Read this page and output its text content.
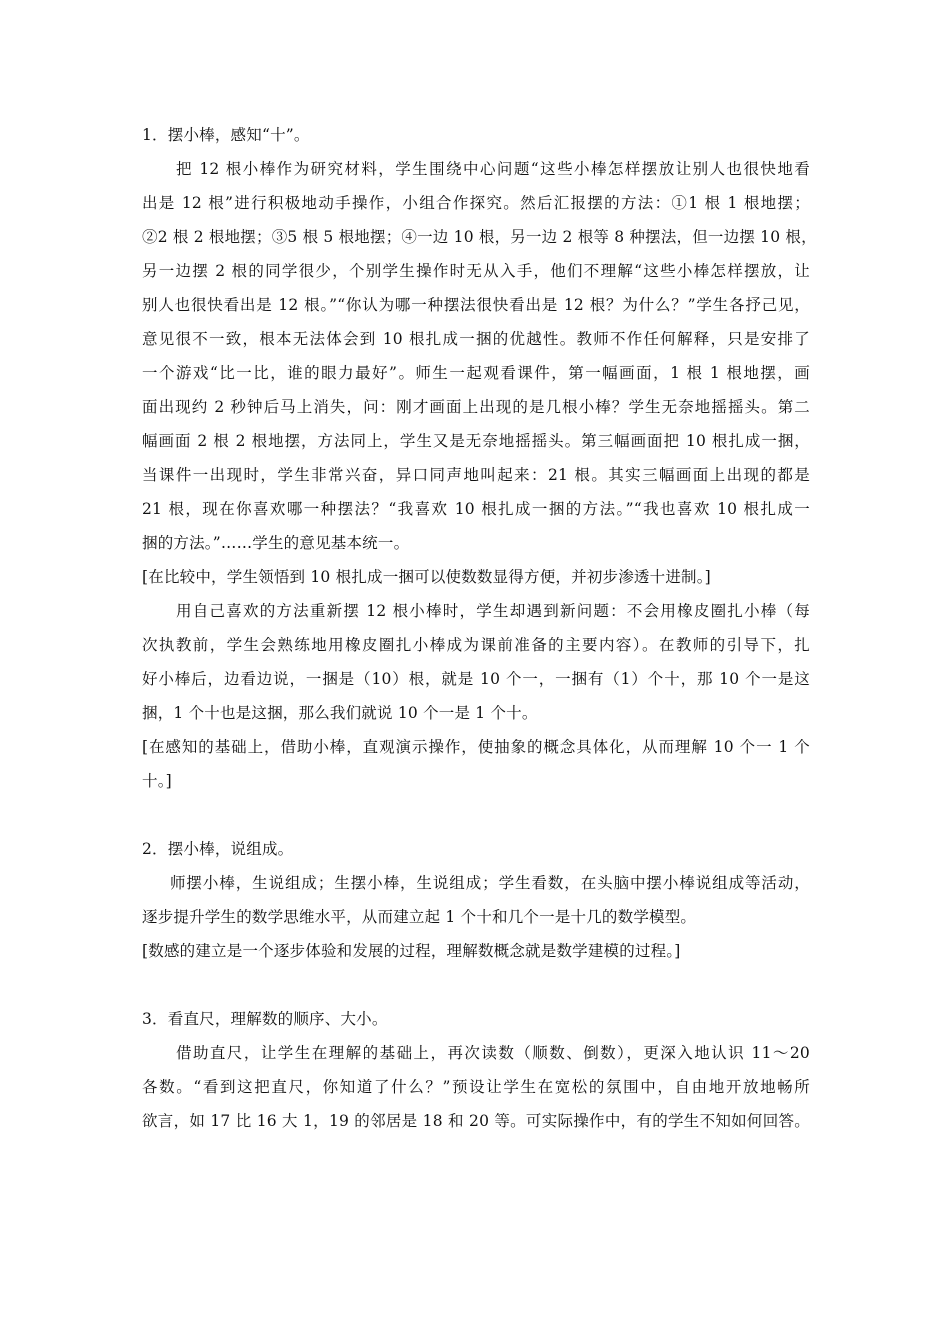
1．摆小棒，感知“十”。
把 12 根小棒作为研究材料，学生围绕中心问题“这些小棒怎样摆放让别人也很快地看
出是 12 根”进行积极地动手操作，小组合作探究。然后汇报摆的方法：①1 根 1 根地摆；
②2 根 2 根地摆；③5 根 5 根地摆；④一边 10 根，另一边 2 根等 8 种摆法，但一边摆 10 根，
另一边摆 2 根的同学很少，个别学生操作时无从入手，他们不理解“这些小棒怎样摆放，让
别人也很快看出是 12 根。”“你认为哪一种摆法很快看出是 12 根？为什么？”学生各抒己见，
意见很不一致，根本无法体会到 10 根扎成一捆的优越性。教师不作任何解释，只是安排了
一个游戏“比一比，谁的眼力最好”。师生一起观看课件，第一幅画面，1 根 1 根地摆，画
面出现约 2 秒钟后马上消失，问：刚才画面上出现的是几根小棒？学生无奈地摇摇头。第二
幅画面 2 根 2 根地摆，方法同上，学生又是无奈地摇摇头。第三幅画面把 10 根扎成一捆，
当课件一出现时，学生非常兴奋，异口同声地叫起来：21 根。其实三幅画面上出现的都是
21 根，现在你喜欢哪一种摆法？“我喜欢 10 根扎成一捆的方法。”“我也喜欢 10 根扎成一
捆的方法。”……学生的意见基本统一。
[在比较中，学生领悟到 10 根扎成一捆可以使数数显得方便，并初步渗透十进制。]
用自己喜欢的方法重新摆 12 根小棒时，学生却遇到新问题：不会用橡皮圈扎小棒（每
次执教前，学生会熟练地用橡皮圈扎小棒成为课前准备的主要内容）。在教师的引导下，扎
好小棒后，边看边说，一捆是（10）根，就是 10 个一，一捆有（1）个十，那 10 个一是这
捆，1 个十也是这捆，那么我们就说 10 个一是 1 个十。
[在感知的基础上，借助小棒，直观演示操作，使抽象的概念具体化，从而理解 10 个一 1 个
十。]
2．摆小棒，说组成。
师摆小棒，生说组成；生摆小棒，生说组成；学生看数，在头脑中摆小棒说组成等活动，
逐步提升学生的数学思维水平，从而建立起 1 个十和几个一是十几的数学模型。
[数感的建立是一个逐步体验和发展的过程，理解数概念就是数学建模的过程。]
3．看直尺，理解数的顺序、大小。
借助直尺，让学生在理解的基础上，再次读数（顺数、倒数），更深入地认识 11～20
各数。“看到这把直尺，你知道了什么？”预设让学生在宽松的氛围中，自由地开放地畅所
欲言，如 17 比 16 大 1，19 的邻居是 18 和 20 等。可实际操作中，有的学生不知如何回答。
